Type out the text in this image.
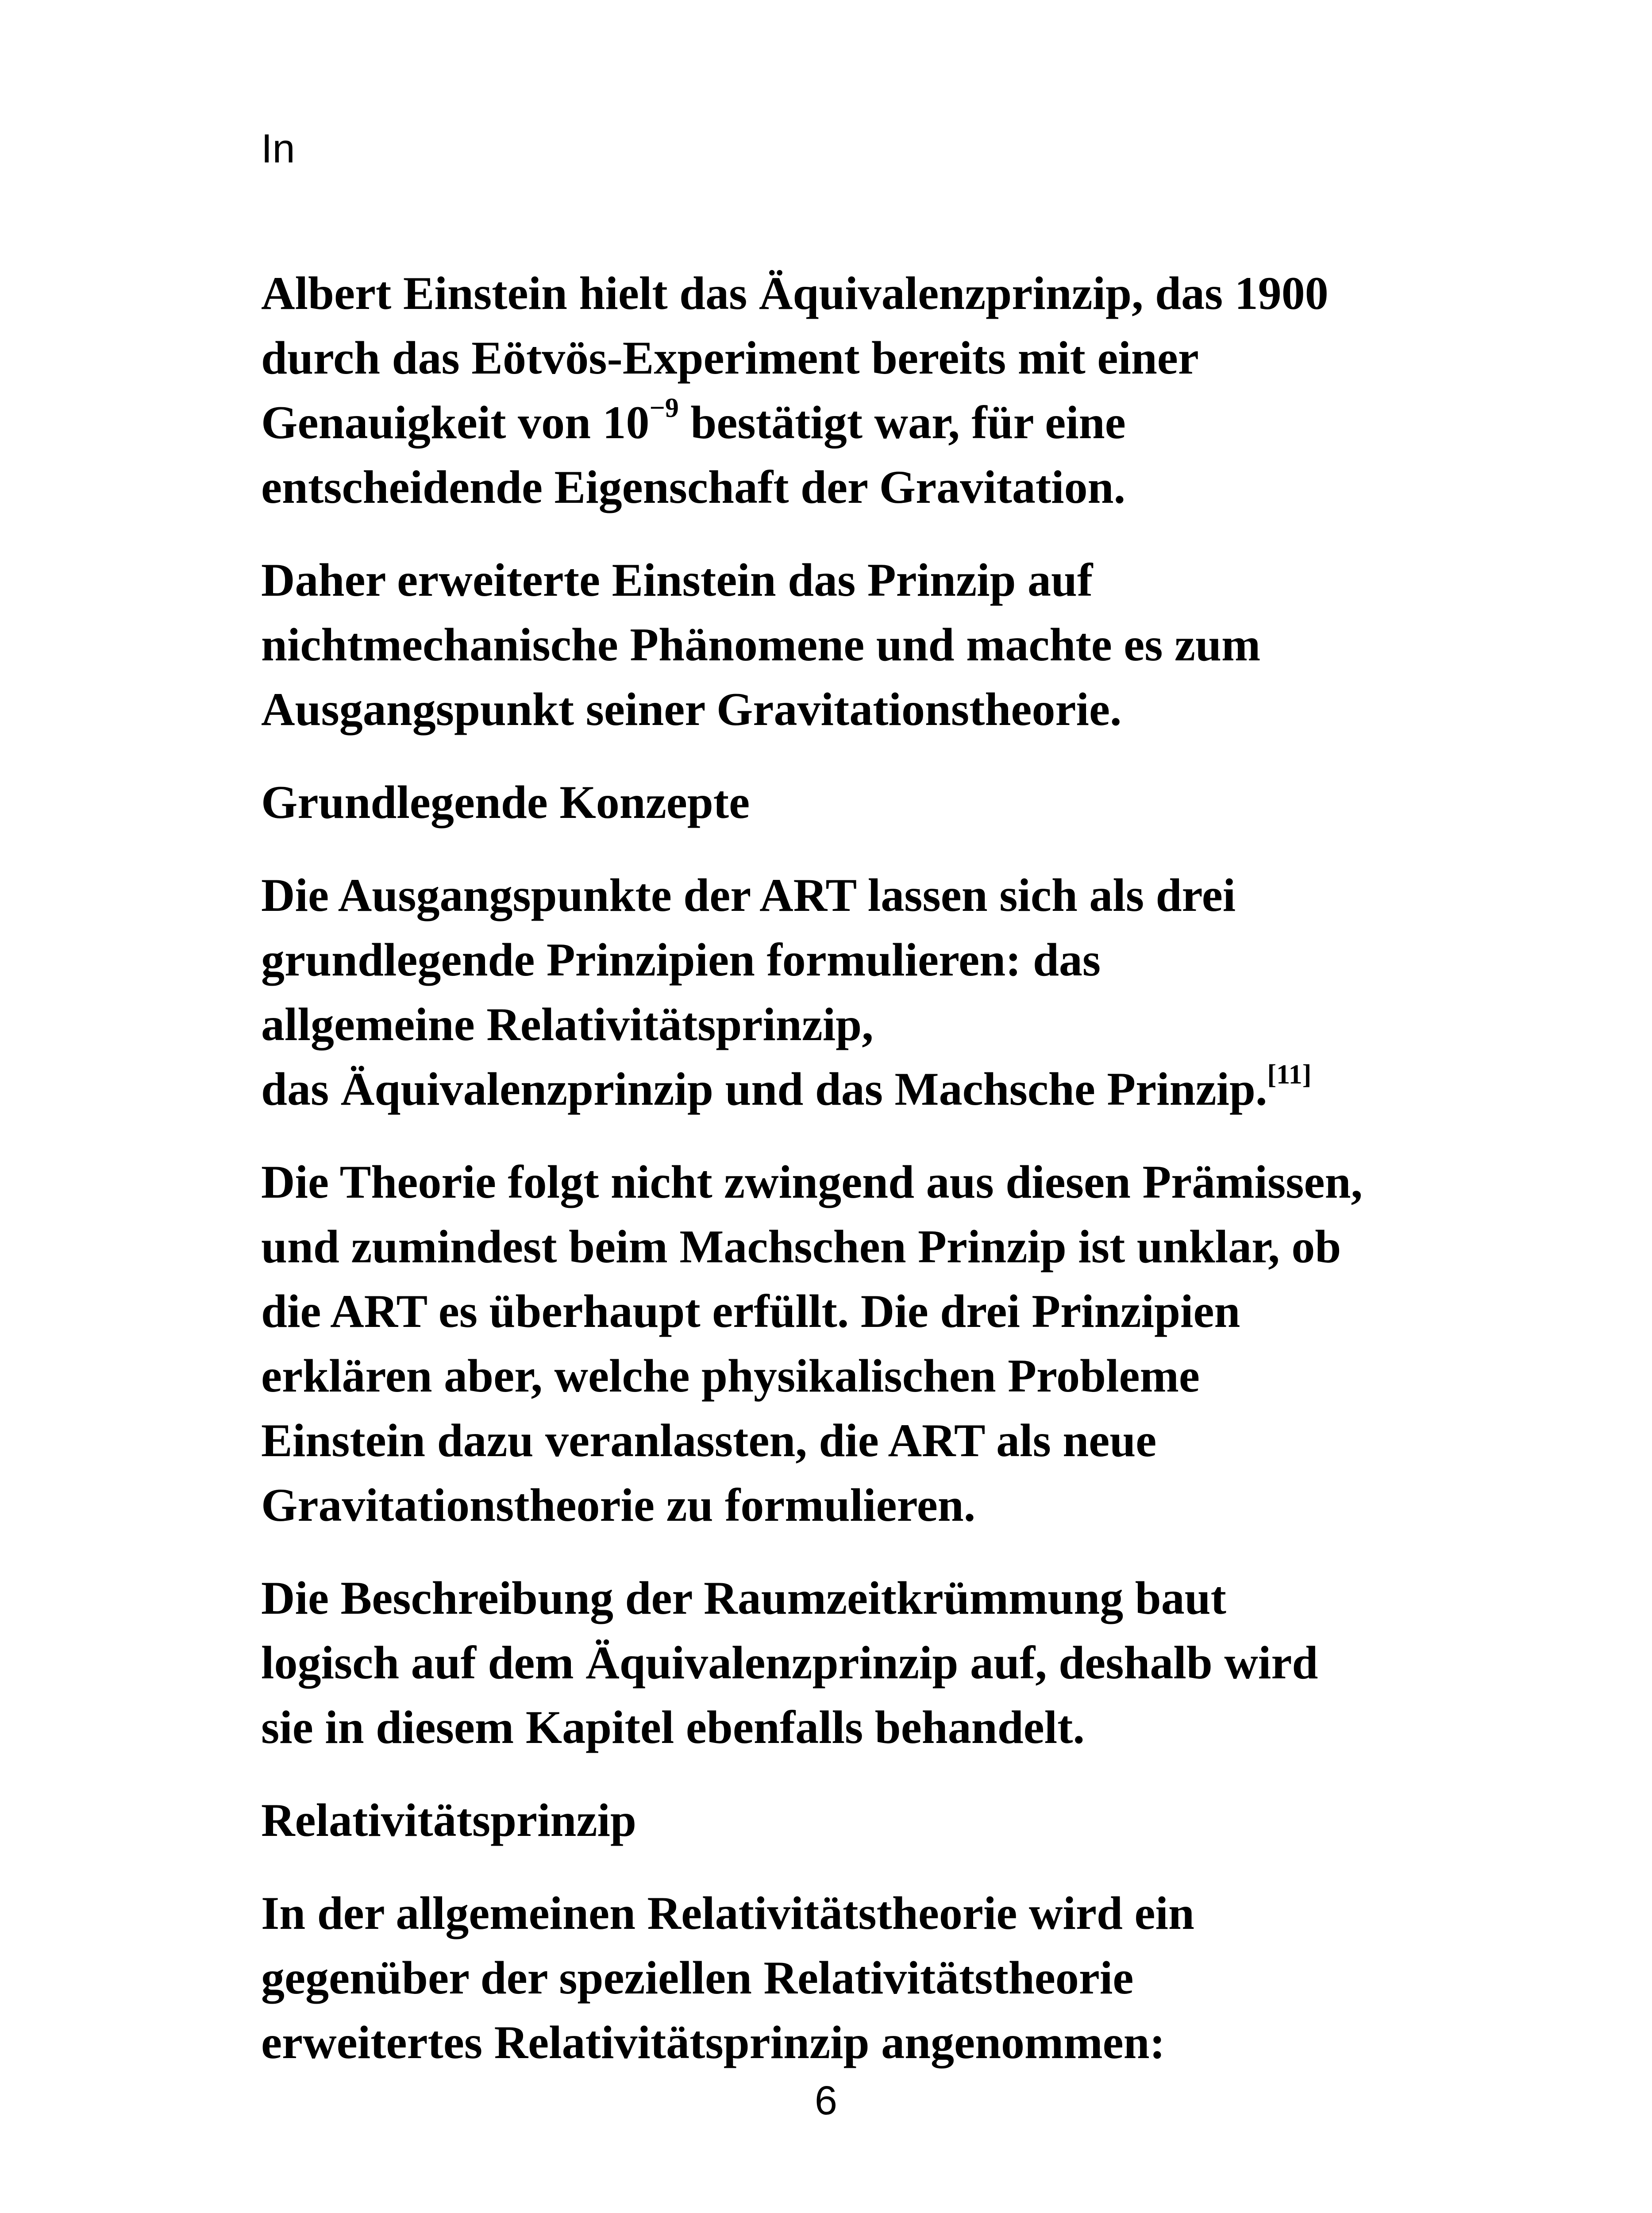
In

Albert Einstein hielt das Äquivalenzprinzip, das 1900
durch das Eötvös-Experiment bereits mit einer
Genauigkeit von $10^{-9}$ bestätigt war, für eine
entscheidende Eigenschaft der Gravitation.

Daher erweiterte Einstein das Prinzip auf
nichtmechanische Phänomene und machte es zum
Ausgangspunkt seiner Gravitationstheorie.

Grundlegende Konzepte

Die Ausgangspunkte der ART lassen sich als drei
grundlegende Prinzipien formulieren: das
allgemeine Relativitätsprinzip,
das Äquivalenzprinzip und das Machsche Prinzip.[11]

Die Theorie folgt nicht zwingend aus diesen Prämissen,
und zumindest beim Machschen Prinzip ist unklar, ob
die ART es überhaupt erfüllt. Die drei Prinzipien
erklären aber, welche physikalischen Probleme
Einstein dazu veranlassten, die ART als neue
Gravitationstheorie zu formulieren.

Die Beschreibung der Raumzeitkrümmung baut
logisch auf dem Äquivalenzprinzip auf, deshalb wird
sie in diesem Kapitel ebenfalls behandelt.

Relativitätsprinzip

In der allgemeinen Relativitätstheorie wird ein
gegenüber der speziellen Relativitätstheorie
erweitertes Relativitätsprinzip angenommen:

6
